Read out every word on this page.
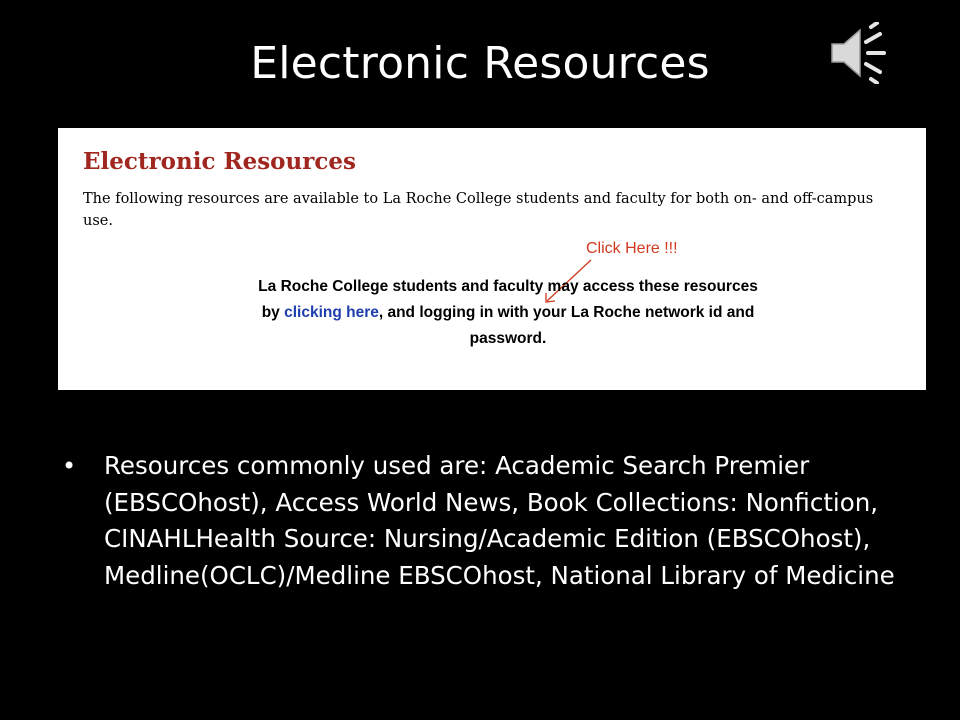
Electronic Resources
Electronic Resources
The following resources are available to La Roche College students and faculty for both on- and off-campus use.
Click Here !!!
La Roche College students and faculty may access these resources by clicking here, and logging in with your La Roche network id and password.
• Resources commonly used are: Academic Search Premier (EBSCOhost), Access World News, Book Collections: Nonfiction, CINAHLHealth Source: Nursing/Academic Edition (EBSCOhost), Medline(OCLC)/Medline EBSCOhost, National Library of Medicine
